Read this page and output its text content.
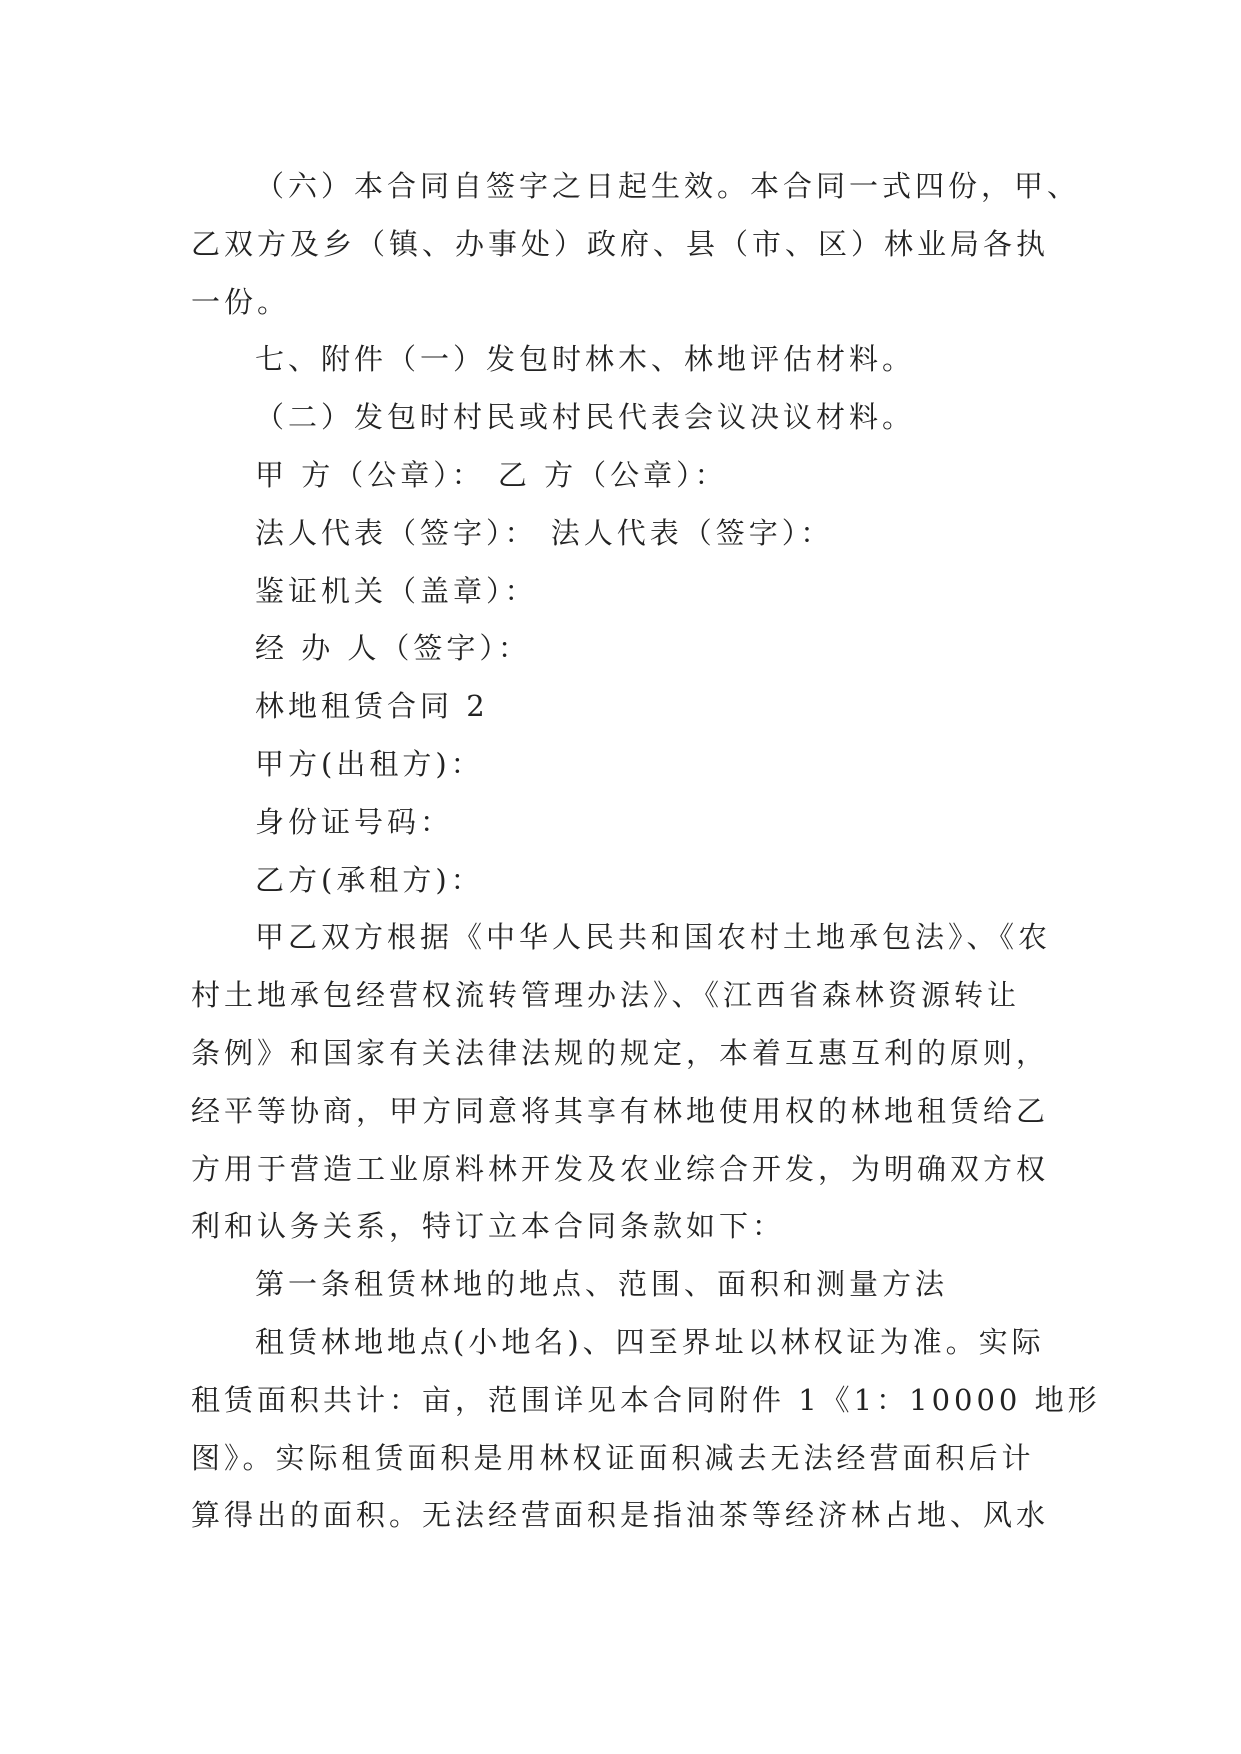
（六）本合同自签字之日起生效。本合同一式四份，甲、
乙双方及乡（镇、办事处）政府、县（市、区）林业局各执
一份。
七、附件（一）发包时林木、林地评估材料。
（二）发包时村民或村民代表会议决议材料。
甲 方（公章）： 乙 方（公章）：
法人代表（签字）： 法人代表（签字）：
鉴证机关（盖章）：
经 办 人（签字）：
林地租赁合同 2
甲方(出租方)：
身份证号码：
乙方(承租方)：
甲乙双方根据《中华人民共和国农村土地承包法》、《农
村土地承包经营权流转管理办法》、《江西省森林资源转让
条例》和国家有关法律法规的规定，本着互惠互利的原则，
经平等协商，甲方同意将其享有林地使用权的林地租赁给乙
方用于营造工业原料林开发及农业综合开发，为明确双方权
利和认务关系，特订立本合同条款如下：
第一条租赁林地的地点、范围、面积和测量方法
租赁林地地点(小地名)、四至界址以林权证为准。实际
租赁面积共计：亩，范围详见本合同附件 1《1：10000 地形
图》。实际租赁面积是用林权证面积减去无法经营面积后计
算得出的面积。无法经营面积是指油茶等经济林占地、风水
